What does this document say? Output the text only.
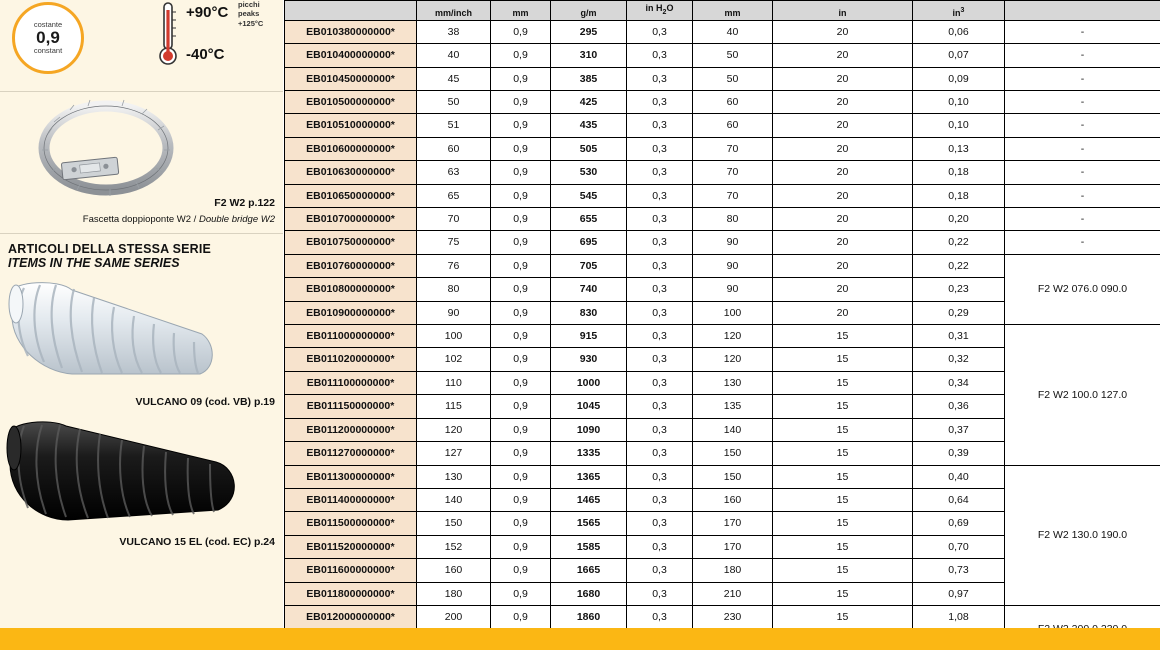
costante
0,9
constant
+90°C
-40°C
picchi
peaks
+125°C
F2 W2 p.122
Fascetta doppioponte W2 / Double bridge W2
ARTICOLI DELLA STESSA SERIE
ITEMS IN THE SAME SERIES
VULCANO 09 (cod. VB) p.19
VULCANO 15 EL (cod. EC) p.24
	mm/inch	mm	g/m	in $H_2O$	mm	in	$in^3$	
EB010380000000*	38	0,9	295	0,3	40	20	0,06	-
EB010400000000*	40	0,9	310	0,3	50	20	0,07	-
EB010450000000*	45	0,9	385	0,3	50	20	0,09	-
EB010500000000*	50	0,9	425	0,3	60	20	0,10	-
EB010510000000*	51	0,9	435	0,3	60	20	0,10	-
EB010600000000*	60	0,9	505	0,3	70	20	0,13	-
EB010630000000*	63	0,9	530	0,3	70	20	0,18	-
EB010650000000*	65	0,9	545	0,3	70	20	0,18	-
EB010700000000*	70	0,9	655	0,3	80	20	0,20	-
EB010750000000*	75	0,9	695	0,3	90	20	0,22	-
EB010760000000*	76	0,9	705	0,3	90	20	0,22	F2 W2 076.0 090.0
EB010800000000*	80	0,9	740	0,3	90	20	0,23	
EB010900000000*	90	0,9	830	0,3	100	20	0,29	
EB011000000000*	100	0,9	915	0,3	120	15	0,31	F2 W2 100.0 127.0
EB011020000000*	102	0,9	930	0,3	120	15	0,32	
EB011100000000*	110	0,9	1000	0,3	130	15	0,34	
EB011150000000*	115	0,9	1045	0,3	135	15	0,36	
EB011200000000*	120	0,9	1090	0,3	140	15	0,37	
EB011270000000*	127	0,9	1335	0,3	150	15	0,39	
EB011300000000*	130	0,9	1365	0,3	150	15	0,40	F2 W2 130.0 190.0
EB011400000000*	140	0,9	1465	0,3	160	15	0,64	
EB011500000000*	150	0,9	1565	0,3	170	15	0,69	
EB011520000000*	152	0,9	1585	0,3	170	15	0,70	
EB011600000000*	160	0,9	1665	0,3	180	15	0,73	
EB011800000000*	180	0,9	1680	0,3	210	15	0,97	
EB012000000000*	200	0,9	1860	0,3	230	15	1,08	
